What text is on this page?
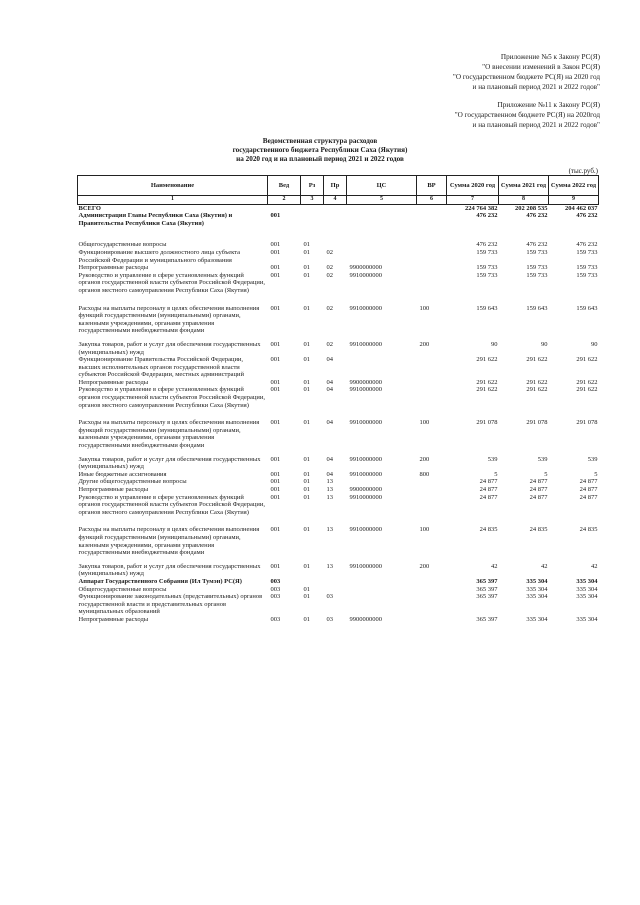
Приложение №5 к Закону РС(Я)
"О внесении изменений в Закон РС(Я)
"О государственном бюджете РС(Я) на 2020 год
и на плановый период 2021 и 2022 годов"
Приложение №11 к Закону РС(Я)
"О государственном бюджете РС(Я) на 2020год
и на плановый период 2021 и 2022 годов"
Ведомственная структура расходов
государственного бюджета Республики Саха (Якутия)
на 2020 год и на плановый период 2021 и 2022 годов
(тыс.руб.)
Наименование	Вед	Рз	Пр	ЦС	ВР	Сумма 2020 год	Сумма 2021 год	Сумма 2022 год
1	2	3	4	5	6	7	8	9
ВСЕГО						224 764 382	202 208 535	204 462 037
Администрация Главы Республики Саха (Якутия) и Правительства Республики Саха (Якутия)	001					476 232	476 232	476 232

Общегосударственные вопросы	001	01				476 232	476 232	476 232
Функционирование высшего должностного лица субъекта Российской Федерации и муниципального образования	001	01	02			159 733	159 733	159 733
Непрограммные расходы	001	01	02	9900000000		159 733	159 733	159 733
Руководство и управление в сфере установленных функций органов государственной власти субъектов Российской Федерации, органов местного самоуправления Республики Саха (Якутия)	001	01	02	9910000000		159 733	159 733	159 733

Расходы на выплаты персоналу в целях обеспечения выполнения функций государственными (муниципальными) органами, казенными учреждениями, органами управления государственными внебюджетными фондами	001	01	02	9910000000	100	159 643	159 643	159 643

Закупка товаров, работ и услуг для обеспечения государственных (муниципальных) нужд	001	01	02	9910000000	200	90	90	90
Функционирование Правительства Российской Федерации, высших исполнительных органов государственной власти субъектов Российской Федерации, местных администраций	001	01	04			291 622	291 622	291 622
Непрограммные расходы	001	01	04	9900000000		291 622	291 622	291 622
Руководство и управление в сфере установленных функций органов государственной власти субъектов Российской Федерации, органов местного самоуправления Республики Саха (Якутия)	001	01	04	9910000000		291 622	291 622	291 622

Расходы на выплаты персоналу в целях обеспечения выполнения функций государственными (муниципальными) органами, казенными учреждениями, органами управления государственными внебюджетными фондами	001	01	04	9910000000	100	291 078	291 078	291 078

Закупка товаров, работ и услуг для обеспечения государственных (муниципальных) нужд	001	01	04	9910000000	200	539	539	539
Иные бюджетные ассигнования	001	01	04	9910000000	800	5	5	5
Другие общегосударственные вопросы	001	01	13			24 877	24 877	24 877
Непрограммные расходы	001	01	13	9900000000		24 877	24 877	24 877
Руководство и управление в сфере установленных функций органов государственной власти субъектов Российской Федерации, органов местного самоуправления Республики Саха (Якутия)	001	01	13	9910000000		24 877	24 877	24 877

Расходы на выплаты персоналу в целях обеспечения выполнения функций государственными (муниципальными) органами, казенными учреждениями, органами управления государственными внебюджетными фондами	001	01	13	9910000000	100	24 835	24 835	24 835

Закупка товаров, работ и услуг для обеспечения государственных (муниципальных) нужд	001	01	13	9910000000	200	42	42	42
Аппарат Государственного Собрания (Ил Тумэн) РС(Я)	003					365 397	335 304	335 304
Общегосударственные вопросы	003	01				365 397	335 304	335 304
Функционирование законодательных (представительных) органов государственной власти и представительных органов муниципальных образований	003	01	03			365 397	335 304	335 304
Непрограммные расходы	003	01	03	9900000000		365 397	335 304	335 304
